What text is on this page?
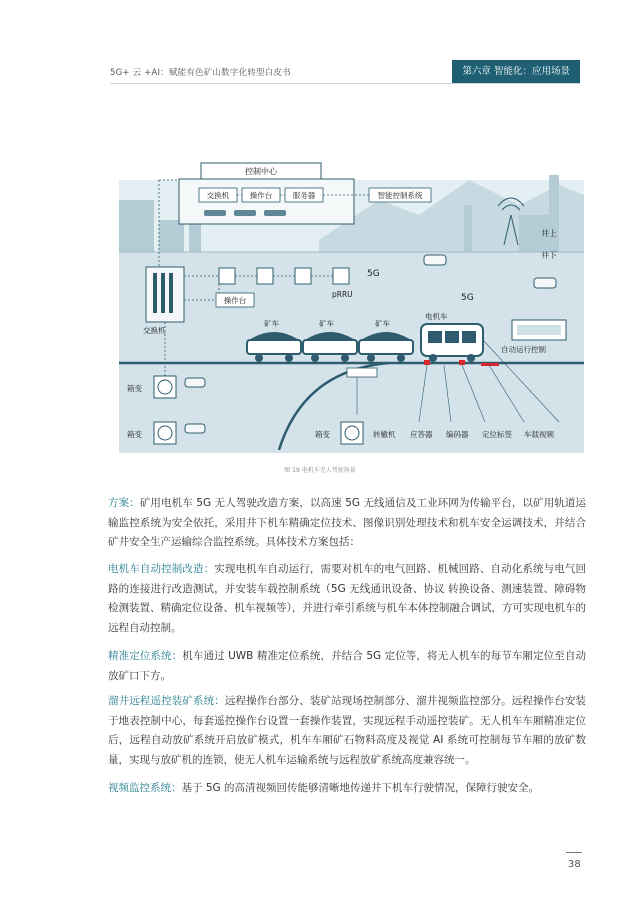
5G+ 云 +AI：赋能有色矿山数字化转型白皮书	第六章 智能化：应用场景
控制中心
交换机	操作台	服务器	智能控制系统
井上
井下
交换机
5G
pRRU
操作台	5G
矿车	矿车	矿车
电机车
自动运行控制
箱变
箱变	箱变	转辙机 应答器 编码器 定位标签 车载视频
图 19 电机车无人驾驶场景
方案：矿用电机车 5G 无人驾驶改造方案，以高速 5G 无线通信及工业环网为传输平台，以矿用轨道运输监控系统为安全依托，采用井下机车精确定位技术、图像识别处理技术和机车安全运调技术，并结合矿井安全生产运输综合监控系统。具体技术方案包括：
电机车自动控制改造：实现电机车自动运行，需要对机车的电气回路、机械回路、自动化系统与电气回路的连接进行改造测试，并安装车载控制系统（5G 无线通讯设备、协议 转换设备、测速装置、障碍物检测装置、精确定位设备、机车视频等），并进行牵引系统与机车本体控制融合调试，方可实现电机车的远程自动控制。
精准定位系统：机车通过 UWB 精准定位系统，并结合 5G 定位等，将无人机车的每节车厢定位至自动放矿口下方。
溜井远程遥控装矿系统：远程操作台部分、装矿站现场控制部分、溜井视频监控部分。远程操作台安装于地表控制中心，每套遥控操作台设置一套操作装置，实现远程手动遥控装矿。无人机车车厢精准定位后，远程自动放矿系统开启放矿模式，机车车厢矿石物料高度及视觉 AI 系统可控制每节车厢的放矿数量，实现与放矿机的连锁，使无人机车运输系统与远程放矿系统高度兼容统一。
视频监控系统：基于 5G 的高清视频回传能够清晰地传递井下机车行驶情况，保障行驶安全。
38
